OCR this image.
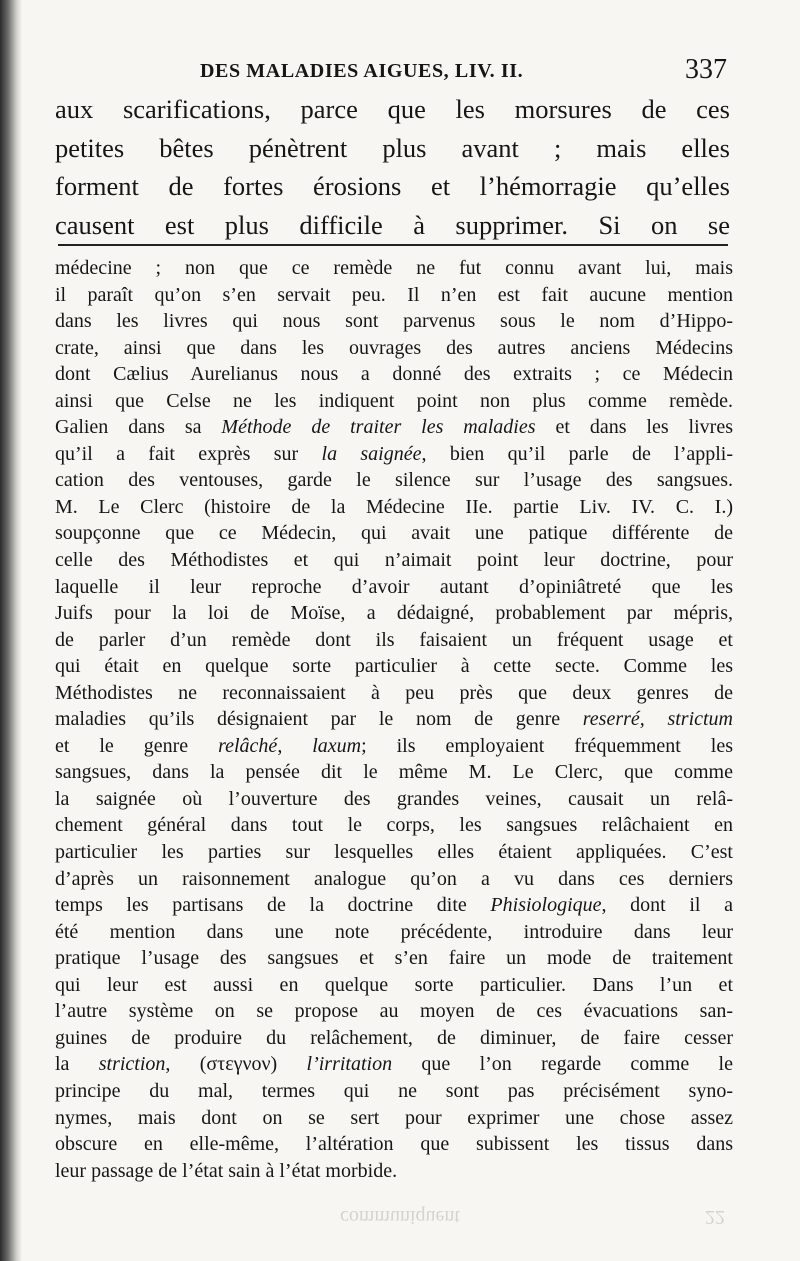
DES MALADIES AIGUES, LIV. II.	337
aux scarifications, parce que les morsures de ces
petites bêtes pénètrent plus avant ; mais elles
forment de fortes érosions et l’hémorragie qu’elles
causent est plus difficile à supprimer. Si on se
médecine ; non que ce remède ne fut connu avant lui, mais
il paraît qu’on s’en servait peu. Il n’en est fait aucune mention
dans les livres qui nous sont parvenus sous le nom d’Hippo-
crate, ainsi que dans les ouvrages des autres anciens Médecins
dont Cælius Aurelianus nous a donné des extraits ; ce Médecin
ainsi que Celse ne les indiquent point non plus comme remède.
Galien dans sa Méthode de traiter les maladies et dans les livres
qu’il a fait exprès sur la saignée, bien qu’il parle de l’appli-
cation des ventouses, garde le silence sur l’usage des sangsues.
M. Le Clerc (histoire de la Médecine IIe. partie Liv. IV. C. I.)
soupçonne que ce Médecin, qui avait une patique différente de
celle des Méthodistes et qui n’aimait point leur doctrine, pour
laquelle il leur reproche d’avoir autant d’opiniâtreté que les
Juifs pour la loi de Moïse, a dédaigné, probablement par mépris,
de parler d’un remède dont ils faisaient un fréquent usage et
qui était en quelque sorte particulier à cette secte. Comme les
Méthodistes ne reconnaissaient à peu près que deux genres de
maladies qu’ils désignaient par le nom de genre reserré, strictum
et le genre relâché, laxum; ils employaient fréquemment les
sangsues, dans la pensée dit le même M. Le Clerc, que comme
la saignée où l’ouverture des grandes veines, causait un relâ-
chement général dans tout le corps, les sangsues relâchaient en
particulier les parties sur lesquelles elles étaient appliquées. C’est
d’après un raisonnement analogue qu’on a vu dans ces derniers
temps les partisans de la doctrine dite Phisiologique, dont il a
été mention dans une note précédente, introduire dans leur
pratique l’usage des sangsues et s’en faire un mode de traitement
qui leur est aussi en quelque sorte particulier. Dans l’un et
l’autre système on se propose au moyen de ces évacuations san-
guines de produire du relâchement, de diminuer, de faire cesser
la striction, (στεγνον) l’irritation que l’on regarde comme le
principe du mal, termes qui ne sont pas précisément syno-
nymes, mais dont on se sert pour exprimer une chose assez
obscure en elle-même, l’altération que subissent les tissus dans
leur passage de l’état sain à l’état morbide.
communiquent	22
